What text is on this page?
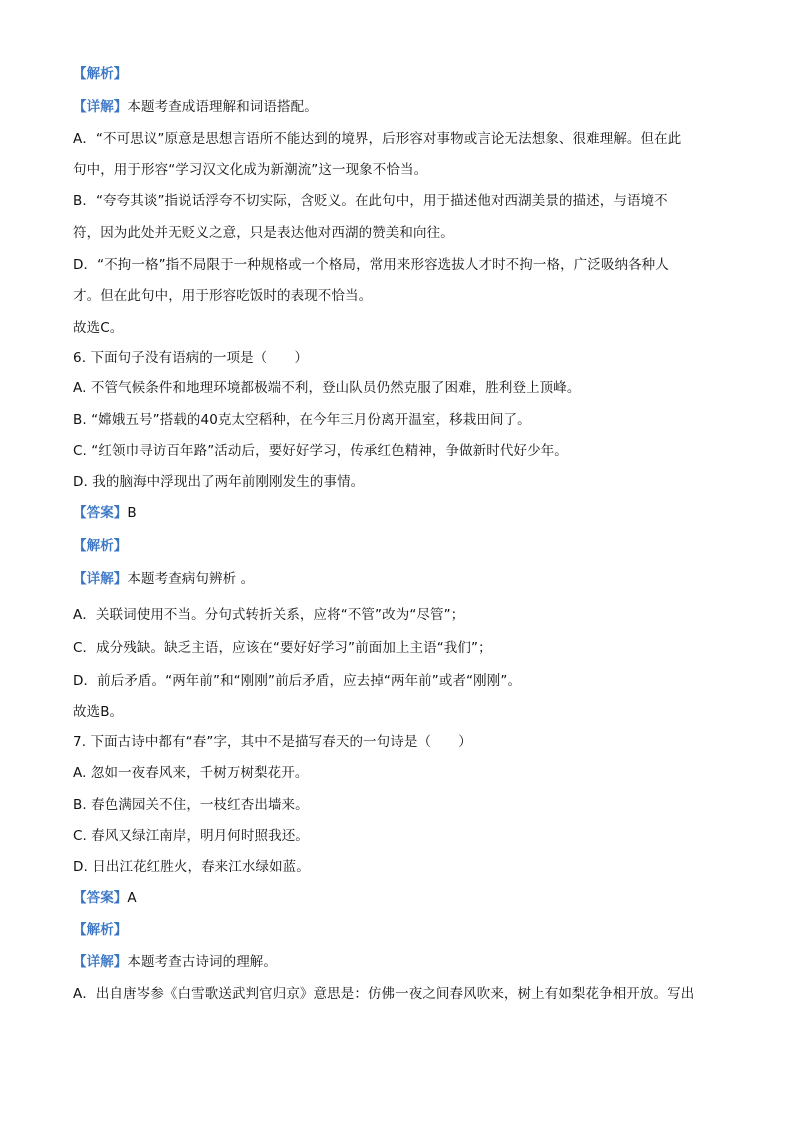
【解析】
【详解】本题考查成语理解和词语搭配。
A．“不可思议”原意是思想言语所不能达到的境界，后形容对事物或言论无法想象、很难理解。但在此
句中，用于形容“学习汉文化成为新潮流”这一现象不恰当。
B．“夸夸其谈”指说话浮夸不切实际，含贬义。在此句中，用于描述他对西湖美景的描述，与语境不
符，因为此处并无贬义之意，只是表达他对西湖的赞美和向往。
D．“不拘一格”指不局限于一种规格或一个格局，常用来形容选拔人才时不拘一格，广泛吸纳各种人
才。但在此句中，用于形容吃饭时的表现不恰当。
故选C。
6. 下面句子没有语病的一项是（　　）
A. 不管气候条件和地理环境都极端不利，登山队员仍然克服了困难，胜利登上顶峰。
B. “嫦娥五号”搭载的40克太空稻种，在今年三月份离开温室，移栽田间了。
C. “红领巾寻访百年路”活动后，要好好学习，传承红色精神，争做新时代好少年。
D. 我的脑海中浮现出了两年前刚刚发生的事情。
【答案】B
【解析】
【详解】本题考查病句辨析 。
A．关联词使用不当。分句式转折关系，应将“不管”改为“尽管”；
C．成分残缺。缺乏主语，应该在“要好好学习”前面加上主语“我们”；
D．前后矛盾。“两年前”和“刚刚”前后矛盾，应去掉“两年前”或者“刚刚”。
故选B。
7. 下面古诗中都有“春”字，其中不是描写春天的一句诗是（　　）
A. 忽如一夜春风来，千树万树梨花开。
B. 春色满园关不住，一枝红杏出墙来。
C. 春风又绿江南岸，明月何时照我还。
D. 日出江花红胜火，春来江水绿如蓝。
【答案】A
【解析】
【详解】本题考查古诗词的理解。
A．出自唐岑参《白雪歌送武判官归京》意思是：仿佛一夜之间春风吹来，树上有如梨花争相开放。写出
